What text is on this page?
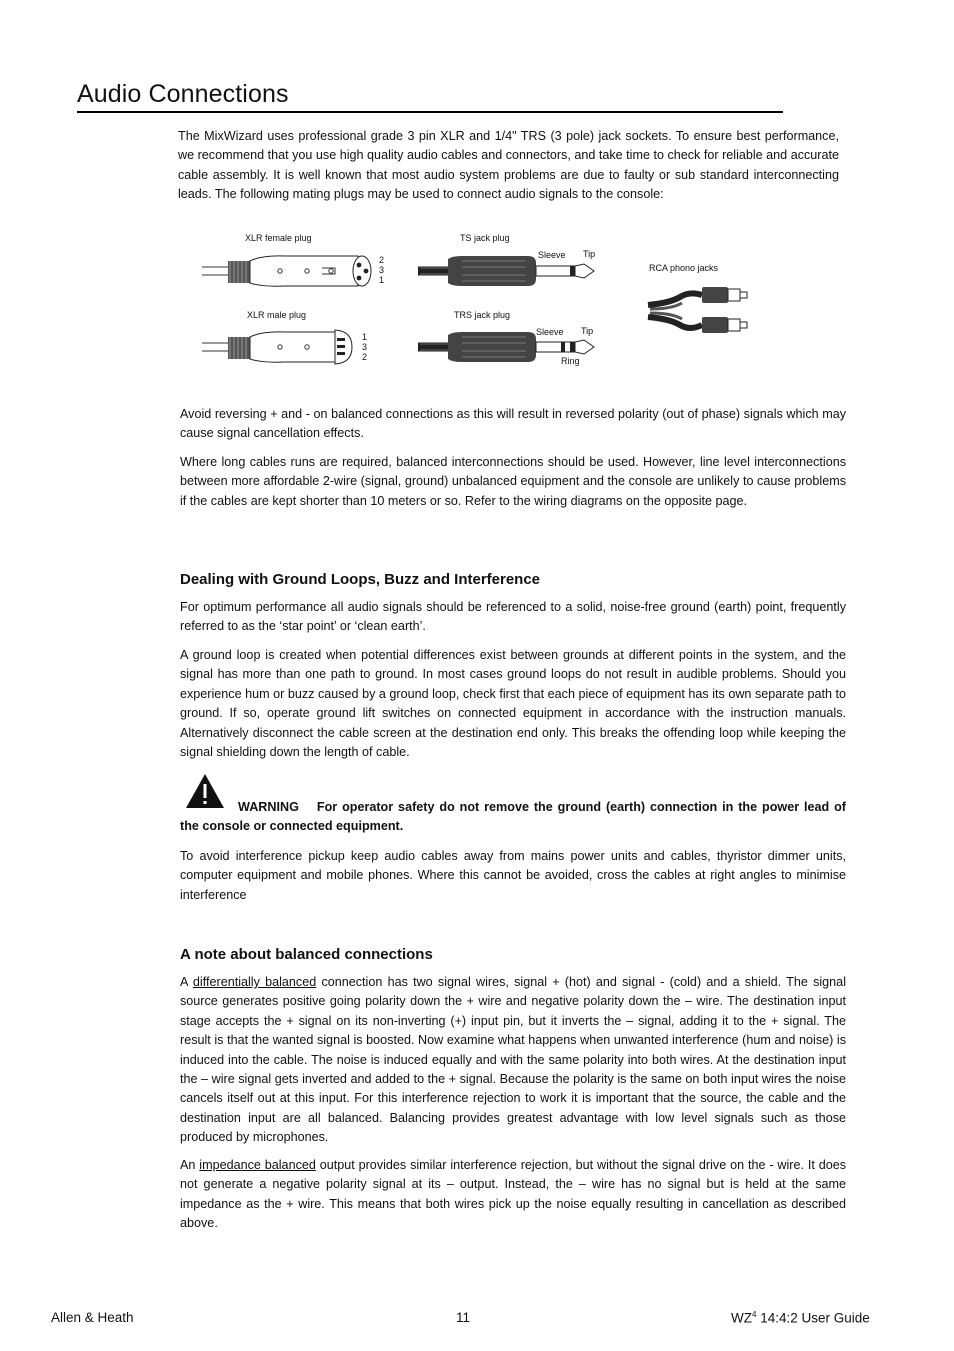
Audio Connections

The MixWizard uses professional grade 3 pin XLR and 1/4" TRS (3 pole) jack sockets. To ensure best performance, we recommend that you use high quality audio cables and connectors, and take time to check for reliable and accurate cable assembly. It is well known that most audio system problems are due to faulty or sub standard interconnecting leads. The following mating plugs may be used to connect audio signals to the console:

XLR female plug
2
3
1
XLR male plug
1
3
2
TS jack plug
Sleeve Tip
TRS jack plug
Sleeve Tip
Ring
RCA phono jacks

Avoid reversing + and - on balanced connections as this will result in reversed polarity (out of phase) signals which may cause signal cancellation effects.

Where long cables runs are required, balanced interconnections should be used. However, line level interconnections between more affordable 2-wire (signal, ground) unbalanced equipment and the console are unlikely to cause problems if the cables are kept shorter than 10 meters or so. Refer to the wiring diagrams on the opposite page.

Dealing with Ground Loops, Buzz and Interference

For optimum performance all audio signals should be referenced to a solid, noise-free ground (earth) point, frequently referred to as the ‘star point’ or ‘clean earth’.

A ground loop is created when potential differences exist between grounds at different points in the system, and the signal has more than one path to ground. In most cases ground loops do not result in audible problems. Should you experience hum or buzz caused by a ground loop, check first that each piece of equipment has its own separate path to ground. If so, operate ground lift switches on connected equipment in accordance with the instruction manuals. Alternatively disconnect the cable screen at the destination end only. This breaks the offending loop while keeping the signal shielding down the length of cable.

WARNING For operator safety do not remove the ground (earth) connection in the power lead of the console or connected equipment.

To avoid interference pickup keep audio cables away from mains power units and cables, thyristor dimmer units, computer equipment and mobile phones. Where this cannot be avoided, cross the cables at right angles to minimise interference

A note about balanced connections

A differentially balanced connection has two signal wires, signal + (hot) and signal - (cold) and a shield. The signal source generates positive going polarity down the + wire and negative polarity down the – wire. The destination input stage accepts the + signal on its non-inverting (+) input pin, but it inverts the – signal, adding it to the + signal. The result is that the wanted signal is boosted. Now examine what happens when unwanted interference (hum and noise) is induced into the cable. The noise is induced equally and with the same polarity into both wires. At the destination input the – wire signal gets inverted and added to the + signal. Because the polarity is the same on both input wires the noise cancels itself out at this input. For this interference rejection to work it is important that the source, the cable and the destination input are all balanced. Balancing provides greatest advantage with low level signals such as those produced by microphones.

An impedance balanced output provides similar interference rejection, but without the signal drive on the - wire. It does not generate a negative polarity signal at its – output. Instead, the – wire has no signal but is held at the same impedance as the + wire. This means that both wires pick up the noise equally resulting in cancellation as described above.

Allen & Heath	11	$WZ^4$ 14:4:2 User Guide
